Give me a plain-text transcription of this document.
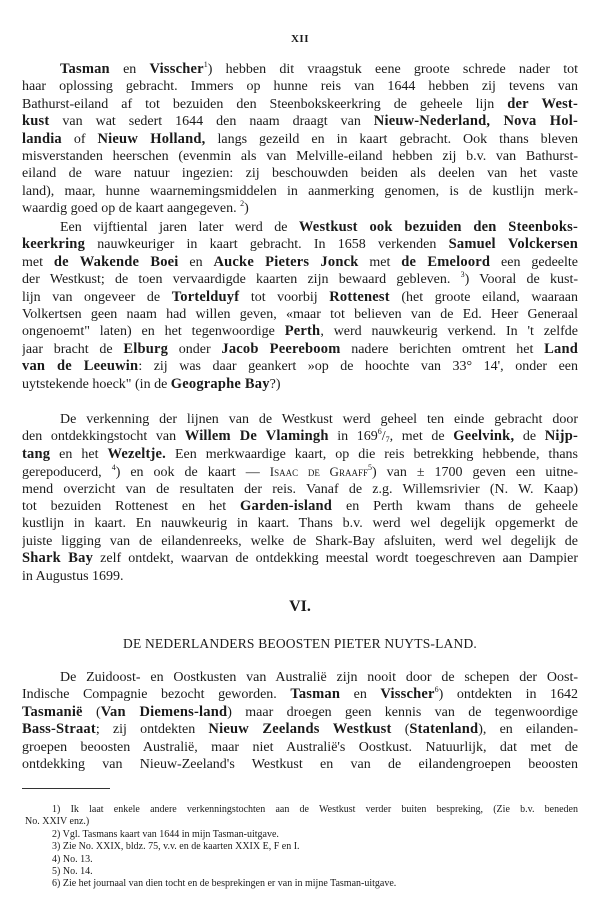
XII
Tasman en Visscher$^1$) hebben dit vraagstuk eene groote schrede nader tot
haar oplossing gebracht. Immers op hunne reis van 1644 hebben zij tevens van
Bathurst-eiland af tot bezuiden den Steenbokskeerkring de geheele lijn der West-
kust van wat sedert 1644 den naam draagt van Nieuw-Nederland, Nova Hol-
landia of Nieuw Holland, langs gezeild en in kaart gebracht. Ook thans bleven
misverstanden heerschen (evenmin als van Melville-eiland hebben zij b.v. van Bathurst-
eiland de ware natuur ingezien: zij beschouwden beiden als deelen van het vaste
land), maar, hunne waarnemingsmiddelen in aanmerking genomen, is de kustlijn merk-
waardig goed op de kaart aangegeven. $^2$)
Een vijftiental jaren later werd de Westkust ook bezuiden den Steenboks-
keerkring nauwkeuriger in kaart gebracht. In 1658 verkenden Samuel Volckersen
met de Wakende Boei en Aucke Pieters Jonck met de Emeloord een gedeelte
der Westkust; de toen vervaardigde kaarten zijn bewaard gebleven. $^3$) Vooral de kust-
lijn van ongeveer de Tortelduyf tot voorbij Rottenest (het groote eiland, waaraan
Volkertsen geen naam had willen geven, «maar tot believen van de Ed. Heer Generaal
ongenoemt" laten) en het tegenwoordige Perth, werd nauwkeurig verkend. In 't zelfde
jaar bracht de Elburg onder Jacob Peereboom nadere berichten omtrent het Land
van de Leeuwin: zij was daar geankert »op de hoochte van 33° 14', onder een
uytstekende hoeck" (in de Geographe Bay?)
De verkenning der lijnen van de Westkust werd geheel ten einde gebracht door
den ontdekkingstocht van Willem De Vlamingh in $169^6/_7$, met de Geelvink, de Nijp-
tang en het Wezeltje. Een merkwaardige kaart, op die reis betrekking hebbende, thans
gerepoducerd, $^4$) en ook de kaart — Isaac de Graaff$^5$) van ± 1700 geven een uitne-
mend overzicht van de resultaten der reis. Vanaf de z.g. Willemsrivier (N. W. Kaap)
tot bezuiden Rottenest en het Garden-island en Perth kwam thans de geheele
kustlijn in kaart. En nauwkeurig in kaart. Thans b.v. werd wel degelijk opgemerkt de
juiste ligging van de eilandenreeks, welke de Shark-Bay afsluiten, werd wel degelijk de
Shark Bay zelf ontdekt, waarvan de ontdekking meestal wordt toegeschreven aan Dampier
in Augustus 1699.
VI.
DE NEDERLANDERS BEOOSTEN PIETER NUYTS-LAND.
De Zuidoost- en Oostkusten van Australië zijn nooit door de schepen der Oost-
Indische Compagnie bezocht geworden. Tasman en Visscher$^6$) ontdekten in 1642
Tasmanië (Van Diemens-land) maar droegen geen kennis van de tegenwoordige
Bass-Straat; zij ontdekten Nieuw Zeelands Westkust (Statenland), en eilanden-
groepen beoosten Australië, maar niet Australië's Oostkust. Natuurlijk, dat met de
ontdekking van Nieuw-Zeeland's Westkust en van de eilandengroepen beoosten
1) Ik laat enkele andere verkenningstochten aan de Westkust verder buiten bespreking, (Zie b.v. beneden
No. XXIV enz.)
2) Vgl. Tasmans kaart van 1644 in mijn Tasman-uitgave.
3) Zie No. XXIX, bldz. 75, v.v. en de kaarten XXIX E, F en I.
4) No. 13.
5) No. 14.
6) Zie het journaal van dien tocht en de besprekingen er van in mijne Tasman-uitgave.
